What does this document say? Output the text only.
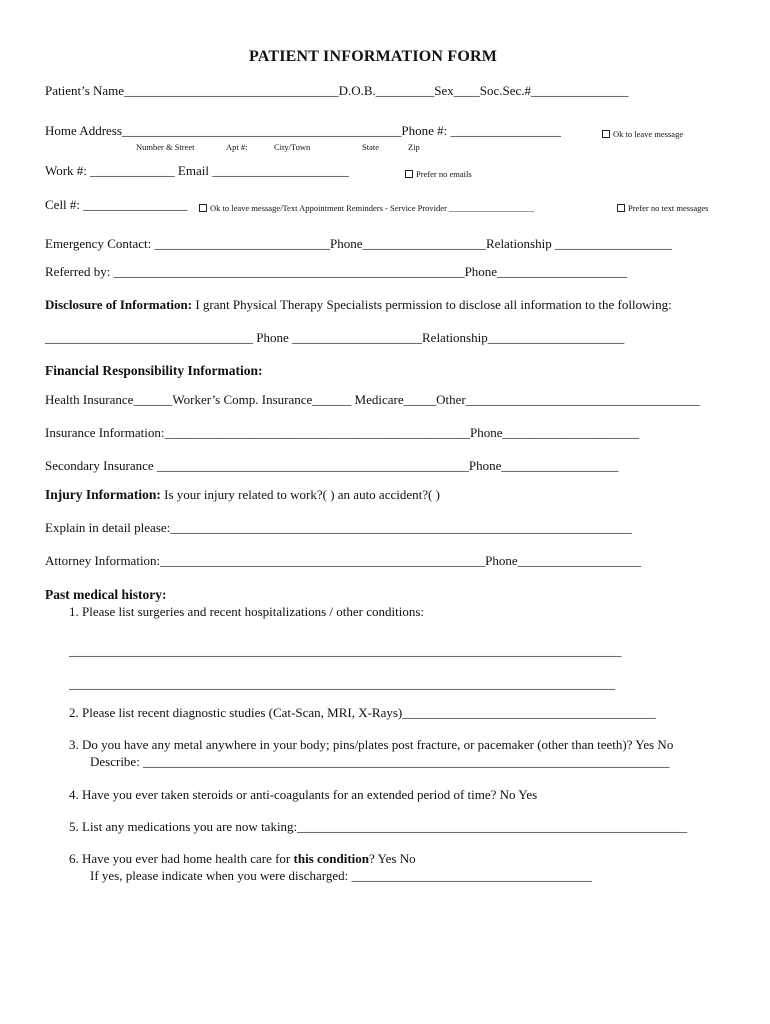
PATIENT INFORMATION FORM
Patient’s Name_________________________________D.O.B._________Sex____Soc.Sec.#_______________
Home Address___________________________________________Phone #: _________________	Ok to leave message
Number & Street	Apt #:	City/Town	State	Zip
Work #: _____________ Email _____________________	Prefer no emails
Cell #: ________________	Ok to leave message/Text Appointment Reminders - Service Provider ____________________	Prefer no text messages
Emergency Contact: ___________________________Phone___________________Relationship __________________
Referred by: ______________________________________________________Phone____________________
Disclosure of Information: I grant Physical Therapy Specialists permission to disclose all information to the following:
________________________________ Phone ____________________Relationship_____________________
Financial Responsibility Information:
Health Insurance______Worker’s Comp. Insurance______ Medicare_____Other____________________________________
Insurance Information:_______________________________________________Phone_____________________
Secondary Insurance ________________________________________________Phone__________________
Injury Information: Is your injury related to work?( ) an auto accident?( )
Explain in detail please:_______________________________________________________________________
Attorney Information:__________________________________________________Phone___________________
Past medical history:
1. Please list surgeries and recent hospitalizations / other conditions:
_____________________________________________________________________________________
____________________________________________________________________________________
2. Please list recent diagnostic studies (Cat-Scan, MRI, X-Rays)_______________________________________
3. Do you have any metal anywhere in your body; pins/plates post fracture, or pacemaker (other than teeth)? Yes No
Describe: _________________________________________________________________________________
4. Have you ever taken steroids or anti-coagulants for an extended period of time? No Yes
5. List any medications you are now taking:____________________________________________________________
6. Have you ever had home health care for this condition? Yes No
If yes, please indicate when you were discharged: _____________________________________
